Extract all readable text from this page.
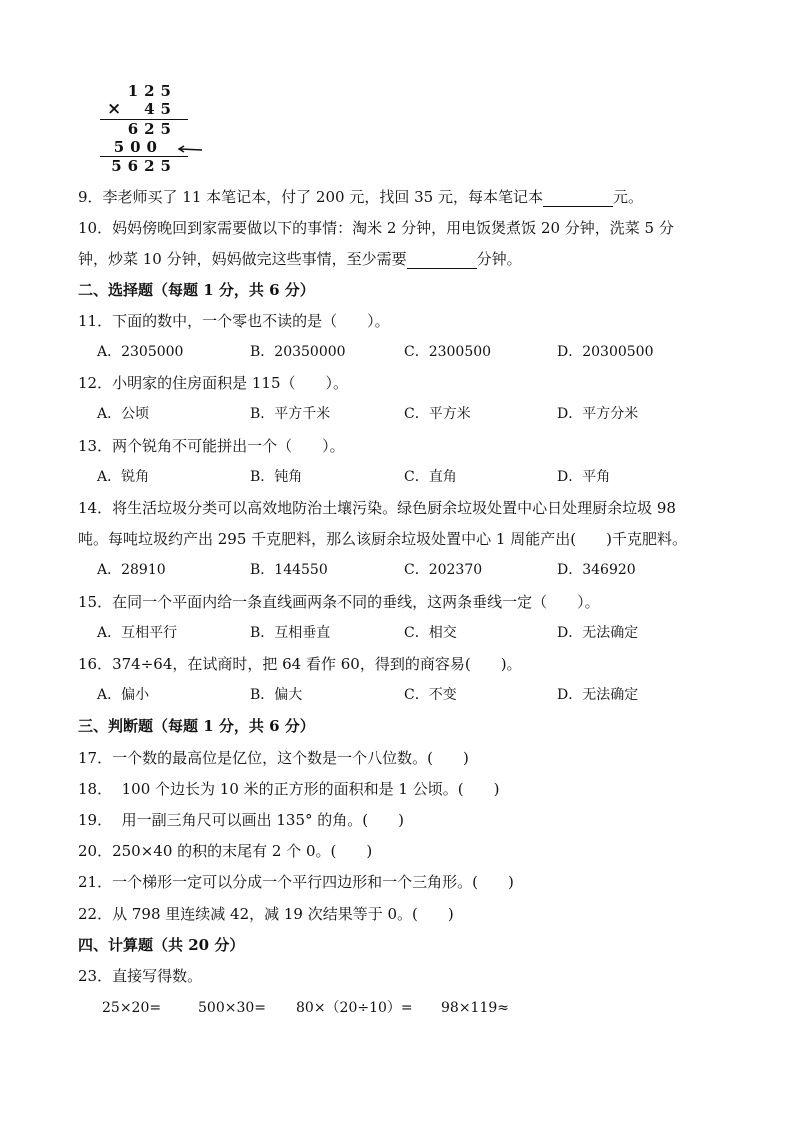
125
×	45
625
500
5625
9．李老师买了 11 本笔记本，付了 200 元，找回 35 元，每本笔记本	元。
10．妈妈傍晚回到家需要做以下的事情：淘米 2 分钟，用电饭煲煮饭 20 分钟，洗菜 5 分
钟，炒菜 10 分钟，妈妈做完这些事情，至少需要	分钟。
二、选择题（每题 1 分，共 6 分）
11．下面的数中，一个零也不读的是（　　）。
A．2305000	B．20350000	C．2300500	D．20300500
12．小明家的住房面积是 115（　　）。
A．公顷	B．平方千米	C．平方米	D．平方分米
13．两个锐角不可能拼出一个（　　）。
A．锐角	B．钝角	C．直角	D．平角
14．将生活垃圾分类可以高效地防治土壤污染。绿色厨余垃圾处置中心日处理厨余垃圾 98
吨。每吨垃圾约产出 295 千克肥料，那么该厨余垃圾处置中心 1 周能产出(　　)千克肥料。
A．28910	B．144550	C．202370	D．346920
15．在同一个平面内给一条直线画两条不同的垂线，这两条垂线一定（　　）。
A．互相平行	B．互相垂直	C．相交	D．无法确定
16．374÷64，在试商时，把 64 看作 60，得到的商容易(　　)。
A．偏小	B．偏大	C．不变	D．无法确定
三、判断题（每题 1 分，共 6 分）
17．一个数的最高位是亿位，这个数是一个八位数。(　　)
18．  100 个边长为 10 米的正方形的面积和是 1 公顷。(　　)
19．  用一副三角尺可以画出 135° 的角。(　　)
20．250×40 的积的末尾有 2 个 0。(　　)
21．一个梯形一定可以分成一个平行四边形和一个三角形。(　　)
22．从 798 里连续减 42，减 19 次结果等于 0。(　　)
四、计算题（共 20 分）
23．直接写得数。
25×20=	500×30= 80×（20÷10）= 98×119≈
